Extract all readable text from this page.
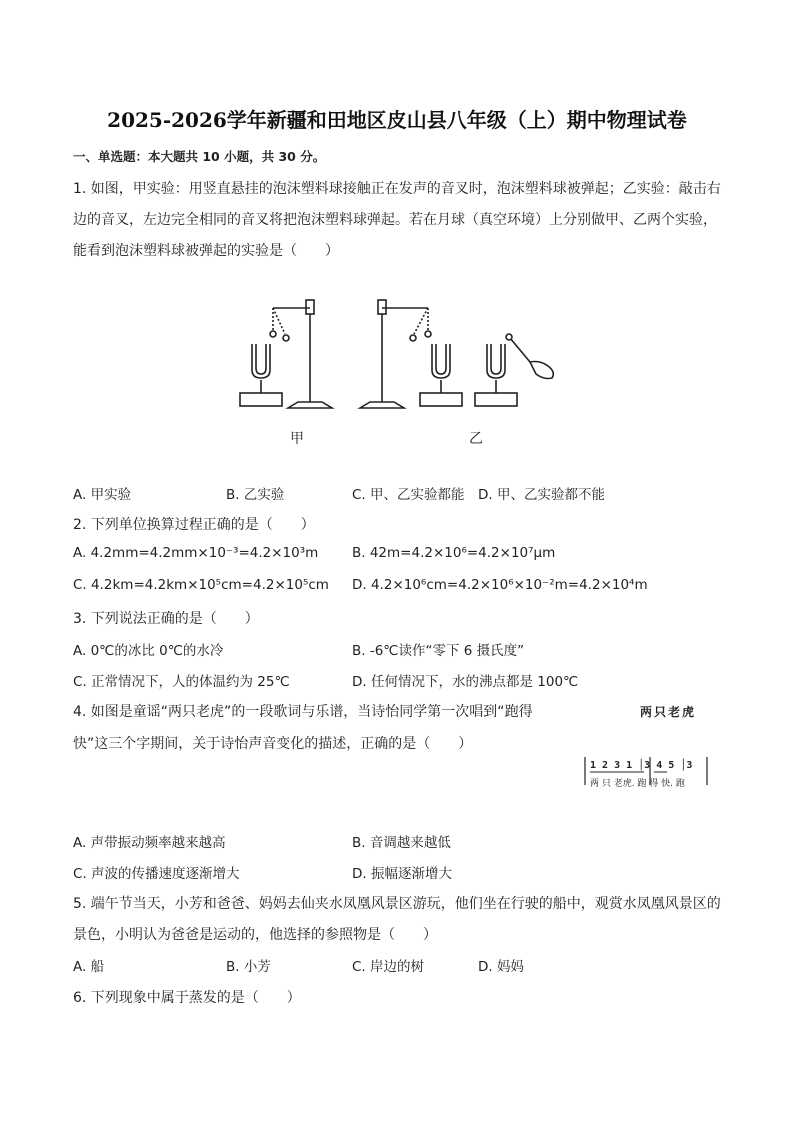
2025-2026学年新疆和田地区皮山县八年级（上）期中物理试卷
一、单选题：本大题共 10 小题，共 30 分。
1. 如图，甲实验：用竖直悬挂的泡沫塑料球接触正在发声的音叉时，泡沫塑料球被弹起；乙实验：敲击右
边的音叉，左边完全相同的音叉将把泡沫塑料球弹起。若在月球（真空环境）上分别做甲、乙两个实验，
能看到泡沫塑料球被弹起的实验是（　　）
甲	乙
A. 甲实验	B. 乙实验	C. 甲、乙实验都能 D. 甲、乙实验都不能
2. 下列单位换算过程正确的是（　　）
A. 4.2mm=4.2mm×10⁻³=4.2×10³m B. 42m=4.2×10⁶=4.2×10⁷μm
C. 4.2km=4.2km×10⁵cm=4.2×10⁵cm D. 4.2×10⁶cm=4.2×10⁶×10⁻²m=4.2×10⁴m
3. 下列说法正确的是（　　）
A. 0℃的冰比 0℃的水冷	B. -6℃读作“零下 6 摄氏度”
C. 正常情况下，人的体温约为 25℃	D. 任何情况下，水的沸点都是 100℃
4. 如图是童谣“两只老虎”的一段歌词与乐谱，当诗怡同学第一次唱到“跑得
快”这三个字期间，关于诗怡声音变化的描述，正确的是（　　）
两只老虎
1 2 3 1 │3 4 5 │3
两 只 老虎. 跑 得 快. 跑
A. 声带振动频率越来越高	B. 音调越来越低
C. 声波的传播速度逐渐增大	D. 振幅逐渐增大
5. 端午节当天，小芳和爸爸、妈妈去仙夹水凤凰风景区游玩，他们坐在行驶的船中，观赏水凤凰风景区的
景色，小明认为爸爸是运动的，他选择的参照物是（　　）
A. 船	B. 小芳	C. 岸边的树	D. 妈妈
6. 下列现象中属于蒸发的是（　　）
